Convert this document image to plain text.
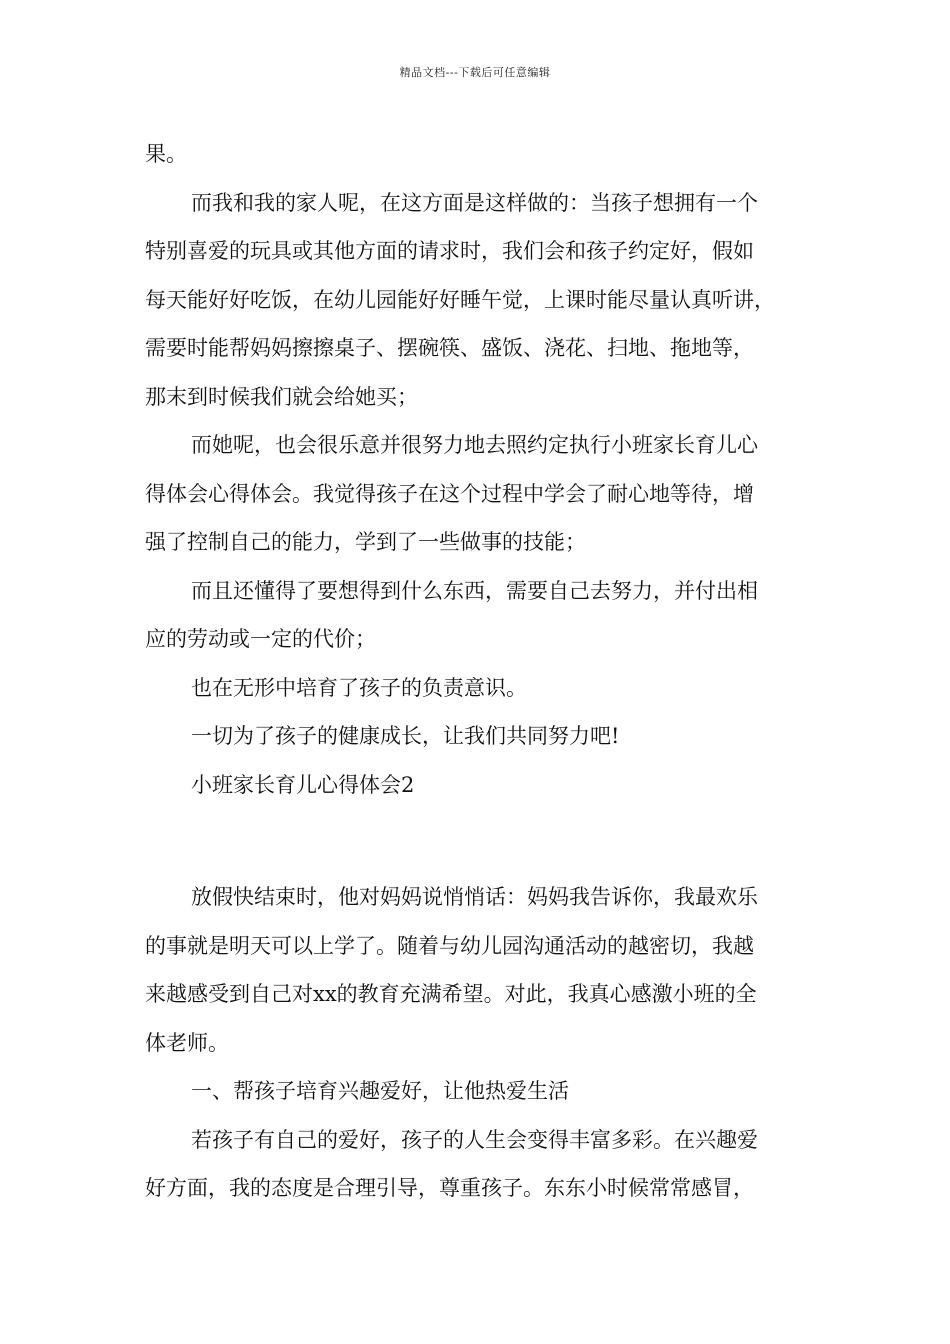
精品文档---下载后可任意编辑
果。
而我和我的家人呢，在这方面是这样做的：当孩子想拥有一个
特别喜爱的玩具或其他方面的请求时，我们会和孩子约定好，假如
每天能好好吃饭，在幼儿园能好好睡午觉，上课时能尽量认真听讲，
需要时能帮妈妈擦擦桌子、摆碗筷、盛饭、浇花、扫地、拖地等，
那末到时候我们就会给她买；
而她呢，也会很乐意并很努力地去照约定执行小班家长育儿心
得体会心得体会。我觉得孩子在这个过程中学会了耐心地等待，增
强了控制自己的能力，学到了一些做事的技能；
而且还懂得了要想得到什么东西，需要自己去努力，并付出相
应的劳动或一定的代价；
也在无形中培育了孩子的负责意识。
一切为了孩子的健康成长，让我们共同努力吧!
小班家长育儿心得体会2
放假快结束时，他对妈妈说悄悄话：妈妈我告诉你，我最欢乐
的事就是明天可以上学了。随着与幼儿园沟通活动的越密切，我越
来越感受到自己对xx的教育充满希望。对此，我真心感激小班的全
体老师。
一、帮孩子培育兴趣爱好，让他热爱生活
若孩子有自己的爱好，孩子的人生会变得丰富多彩。在兴趣爱
好方面，我的态度是合理引导，尊重孩子。东东小时候常常感冒，
